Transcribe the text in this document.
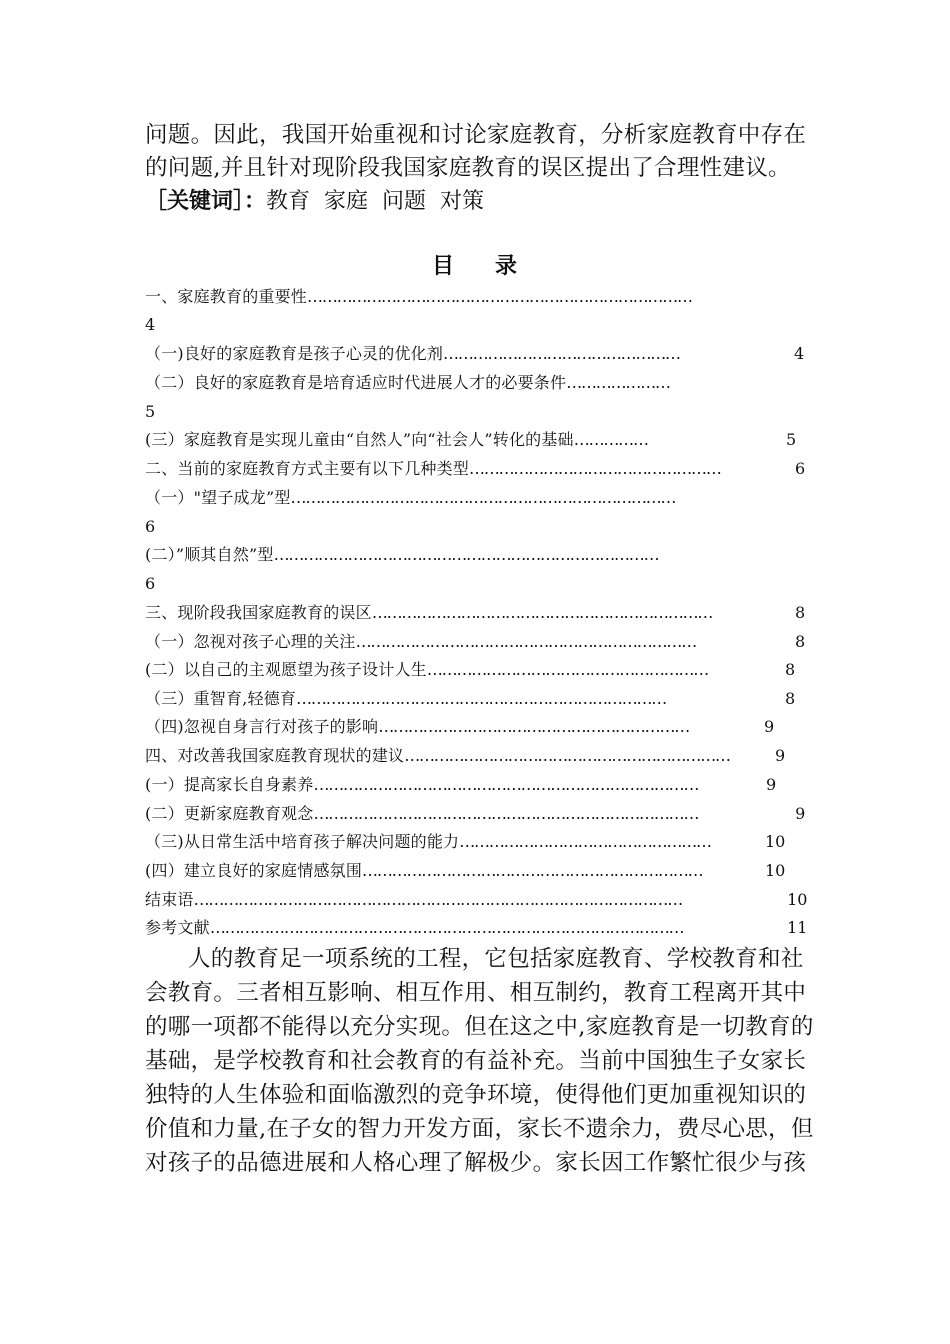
问题。因此，我国开始重视和讨论家庭教育，分析家庭教育中存在
的问题,并且针对现阶段我国家庭教育的误区提出了合理性建议。
［关键词］：教育  家庭  问题  对策
目 录
一、家庭教育的重要性……………………………………………………………………
4
（一)良好的家庭教育是孩子心灵的优化剂…………………………………………	4
（二）良好的家庭教育是培育适应时代进展人才的必要条件…………………
5
(三）家庭教育是实现儿童由“自然人”向“社会人”转化的基础……………	5
二、当前的家庭教育方式主要有以下几种类型……………………………………………	6
（一）"望子成龙”型……………………………………………………………………
6
(二）”顺其自然”型……………………………………………………………………
6
三、现阶段我国家庭教育的误区……………………………………………………………	8
（一）忽视对孩子心理的关注……………………………………………………………	8
(二）以自己的主观愿望为孩子设计人生…………………………………………………	8
（三）重智育,轻德育…………………………………………………………………	8
（四)忽视自身言行对孩子的影响………………………………………………………	9
四、对改善我国家庭教育现状的建议…………………………………………………………	9
(一）提高家长自身素养……………………………………………………………………	9
(二）更新家庭教育观念……………………………………………………………………	9
（三)从日常生活中培育孩子解决问题的能力……………………………………………	10
(四）建立良好的家庭情感氛围……………………………………………………………	10
结束语………………………………………………………………………………………	10
参考文献……………………………………………………………………………………	11
人的教育足一项系统的工程，它包括家庭教育、学校教育和社
会教育。三者相互影响、相互作用、相互制约，教育工程离开其中
的哪一项都不能得以充分实现。但在这之中,家庭教育是一切教育的
基础，是学校教育和社会教育的有益补充。当前中国独生子女家长
独特的人生体验和面临激烈的竞争环境，使得他们更加重视知识的
价值和力量,在子女的智力开发方面，家长不遗余力，费尽心思，但
对孩子的品德进展和人格心理了解极少。家长因工作繁忙很少与孩
